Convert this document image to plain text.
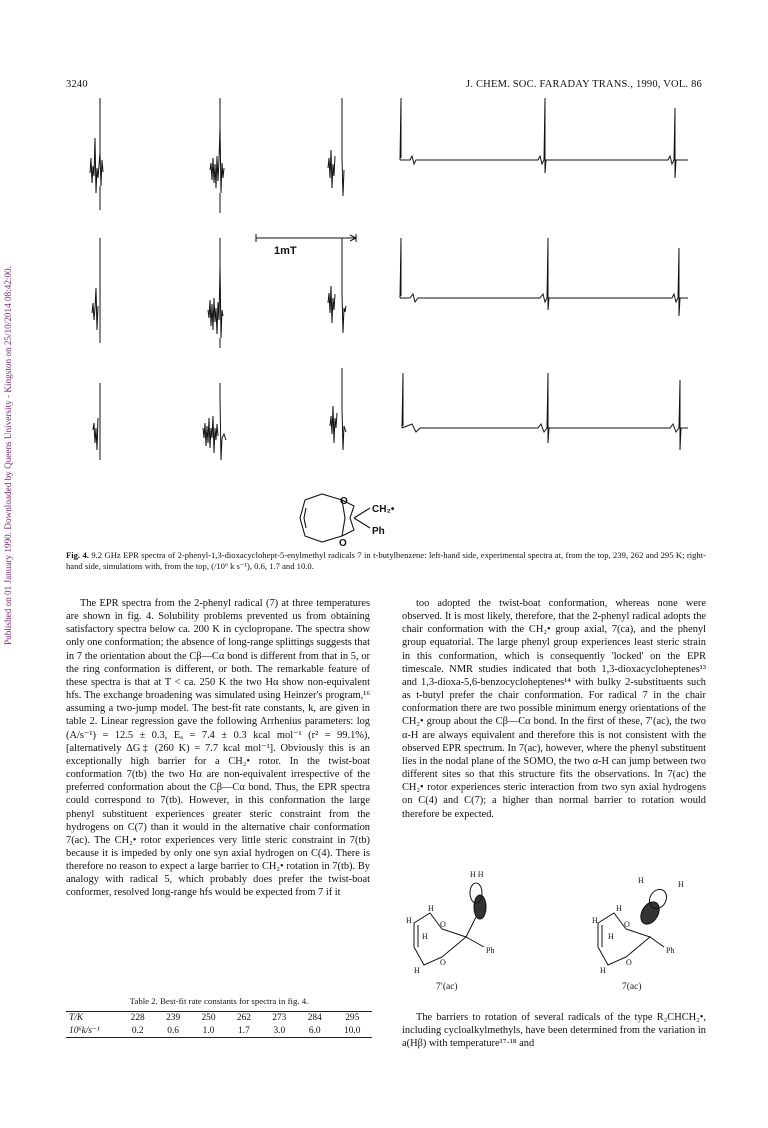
3240	J. CHEM. SOC. FARADAY TRANS., 1990, VOL. 86
Published on 01 January 1990. Downloaded by Queens University - Kingston on 25/10/2014 08:42:00.
1mT
O
O
CH₂•
Ph
Fig. 4. 9.2 GHz EPR spectra of 2-phenyl-1,3-dioxacyclohept-5-enylmethyl radicals 7 in t-butylbenzene: left-hand side, experimental spectra at, from the top, 239, 262 and 295 K; right-hand side, simulations with, from the top, (/10⁶ k s⁻¹), 0.6, 1.7 and 10.0.

The EPR spectra from the 2-phenyl radical (7) at three temperatures are shown in fig. 4. Solubility problems prevented us from obtaining satisfactory spectra below ca. 200 K in cyclopropane. The spectra show only one conformation; the absence of long-range splittings suggests that in 7 the orientation about the Cβ—Cα bond is different from that in 5, or the ring conformation is different, or both. The remarkable feature of these spectra is that at T < ca. 250 K the two Hα show non-equivalent hfs. The exchange broadening was simulated using Heinzer's program,¹⁶ assuming a two-jump model. The best-fit rate constants, k, are given in table 2. Linear regression gave the following Arrhenius parameters: log (A/s⁻¹) = 12.5 ± 0.3, Eₐ = 7.4 ± 0.3 kcal mol⁻¹ (r² = 99.1%), [alternatively ΔG‡ (260 K) = 7.7 kcal mol⁻¹]. Obviously this is an exceptionally high barrier for a CH₂• rotor. In the twist-boat conformation 7(tb) the two Hα are non-equivalent irrespective of the preferred conformation about the Cβ—Cα bond. Thus, the EPR spectra could correspond to 7(tb). However, in this conformation the large phenyl substituent experiences greater steric constraint from the hydrogens on C(7) than it would in the alternative chair conformation 7(ac). The CH₂• rotor experiences very little steric constraint in 7(tb) because it is impeded by only one syn axial hydrogen on C(4). There is therefore no reason to expect a large barrier to CH₂• rotation in 7(tb). By analogy with radical 5, which probably does prefer the twist-boat conformer, resolved long-range hfs would be expected from 7 if it

too adopted the twist-boat conformation, whereas none were observed. It is most likely, therefore, that the 2-phenyl radical adopts the chair conformation with the CH₂• group axial, 7(ca), and the phenyl group equatorial. The large phenyl group experiences least steric strain in this conformation, which is consequently 'locked' on the EPR timescale. NMR studies indicated that both 1,3-dioxacycloheptenes¹³ and 1,3-dioxa-5,6-benzocycloheptenes¹⁴ with bulky 2-substituents such as t-butyl prefer the chair conformation. For radical 7 in the chair conformation there are two possible minimum energy orientations of the CH₂• group about the Cβ—Cα bond. In the first of these, 7′(ac), the two α-H are always equivalent and therefore this is not consistent with the observed EPR spectrum. In 7(ac), however, where the phenyl substituent lies in the nodal plane of the SOMO, the two α-H can jump between two different sites so that this structure fits the observations. In 7(ac) the CH₂• rotor experiences steric interaction from two syn axial hydrogens on C(4) and C(7); a higher than normal barrier to rotation would therefore be expected.

H H
H
H
H
H
O
O
Ph
H	H
H
H
H
H
O
O
Ph
7′(ac)	7(ac)
Table 2. Best-fit rate constants for spectra in fig. 4.
T/K	228	239	250	262	273	284	295
10⁶k/s⁻¹	0.2	0.6	1.0	1.7	3.0	6.0	10.0

The barriers to rotation of several radicals of the type R₂CHCH₂•, including cycloalkylmethyls, have been determined from the variation in a(Hβ) with temperature¹⁷·¹⁸ and
